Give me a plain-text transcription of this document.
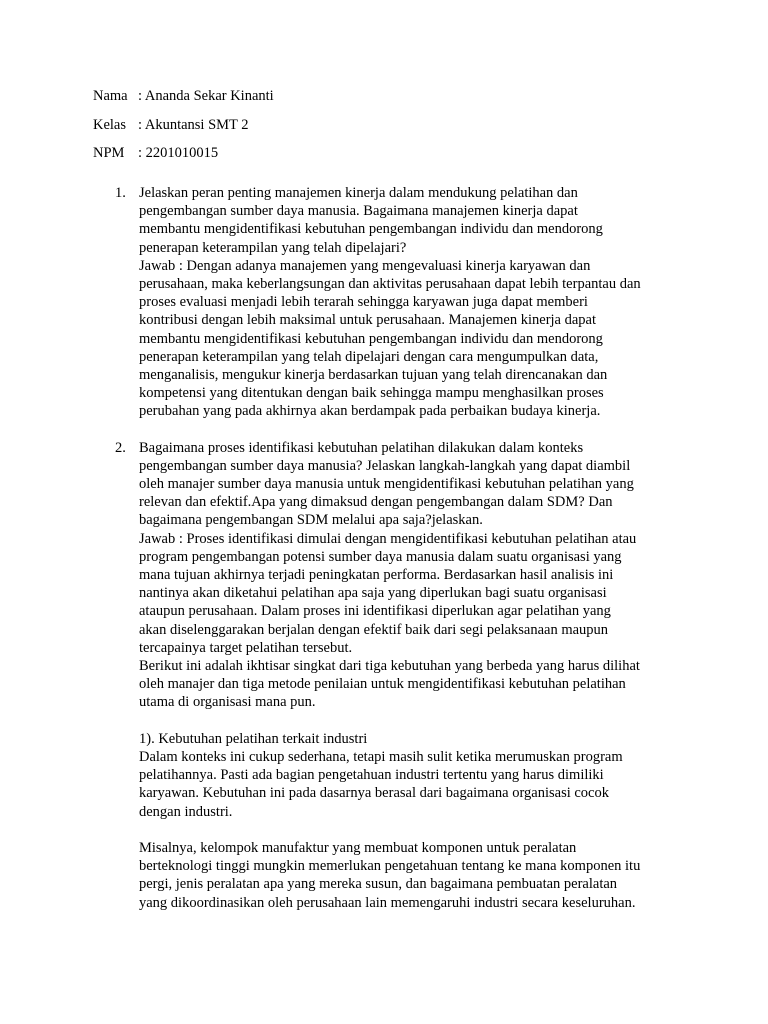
Nama : Ananda Sekar Kinanti
Kelas : Akuntansi SMT 2
NPM : 2201010015
1. Jelaskan peran penting manajemen kinerja dalam mendukung pelatihan dan
pengembangan sumber daya manusia. Bagaimana manajemen kinerja dapat
membantu mengidentifikasi kebutuhan pengembangan individu dan mendorong
penerapan keterampilan yang telah dipelajari?
Jawab : Dengan adanya manajemen yang mengevaluasi kinerja karyawan dan
perusahaan, maka keberlangsungan dan aktivitas perusahaan dapat lebih terpantau dan
proses evaluasi menjadi lebih terarah sehingga karyawan juga dapat memberi
kontribusi dengan lebih maksimal untuk perusahaan. Manajemen kinerja dapat
membantu mengidentifikasi kebutuhan pengembangan individu dan mendorong
penerapan keterampilan yang telah dipelajari dengan cara mengumpulkan data,
menganalisis, mengukur kinerja berdasarkan tujuan yang telah direncanakan dan
kompetensi yang ditentukan dengan baik sehingga mampu menghasilkan proses
perubahan yang pada akhirnya akan berdampak pada perbaikan budaya kinerja.
2. Bagaimana proses identifikasi kebutuhan pelatihan dilakukan dalam konteks
pengembangan sumber daya manusia? Jelaskan langkah-langkah yang dapat diambil
oleh manajer sumber daya manusia untuk mengidentifikasi kebutuhan pelatihan yang
relevan dan efektif.Apa yang dimaksud dengan pengembangan dalam SDM? Dan
bagaimana pengembangan SDM melalui apa saja?jelaskan.
Jawab : Proses identifikasi dimulai dengan mengidentifikasi kebutuhan pelatihan atau
program pengembangan potensi sumber daya manusia dalam suatu organisasi yang
mana tujuan akhirnya terjadi peningkatan performa. Berdasarkan hasil analisis ini
nantinya akan diketahui pelatihan apa saja yang diperlukan bagi suatu organisasi
ataupun perusahaan. Dalam proses ini identifikasi diperlukan agar pelatihan yang
akan diselenggarakan berjalan dengan efektif baik dari segi pelaksanaan maupun
tercapainya target pelatihan tersebut.
Berikut ini adalah ikhtisar singkat dari tiga kebutuhan yang berbeda yang harus dilihat
oleh manajer dan tiga metode penilaian untuk mengidentifikasi kebutuhan pelatihan
utama di organisasi mana pun.
1). Kebutuhan pelatihan terkait industri
Dalam konteks ini cukup sederhana, tetapi masih sulit ketika merumuskan program
pelatihannya. Pasti ada bagian pengetahuan industri tertentu yang harus dimiliki
karyawan. Kebutuhan ini pada dasarnya berasal dari bagaimana organisasi cocok
dengan industri.
Misalnya, kelompok manufaktur yang membuat komponen untuk peralatan
berteknologi tinggi mungkin memerlukan pengetahuan tentang ke mana komponen itu
pergi, jenis peralatan apa yang mereka susun, dan bagaimana pembuatan peralatan
yang dikoordinasikan oleh perusahaan lain memengaruhi industri secara keseluruhan.
